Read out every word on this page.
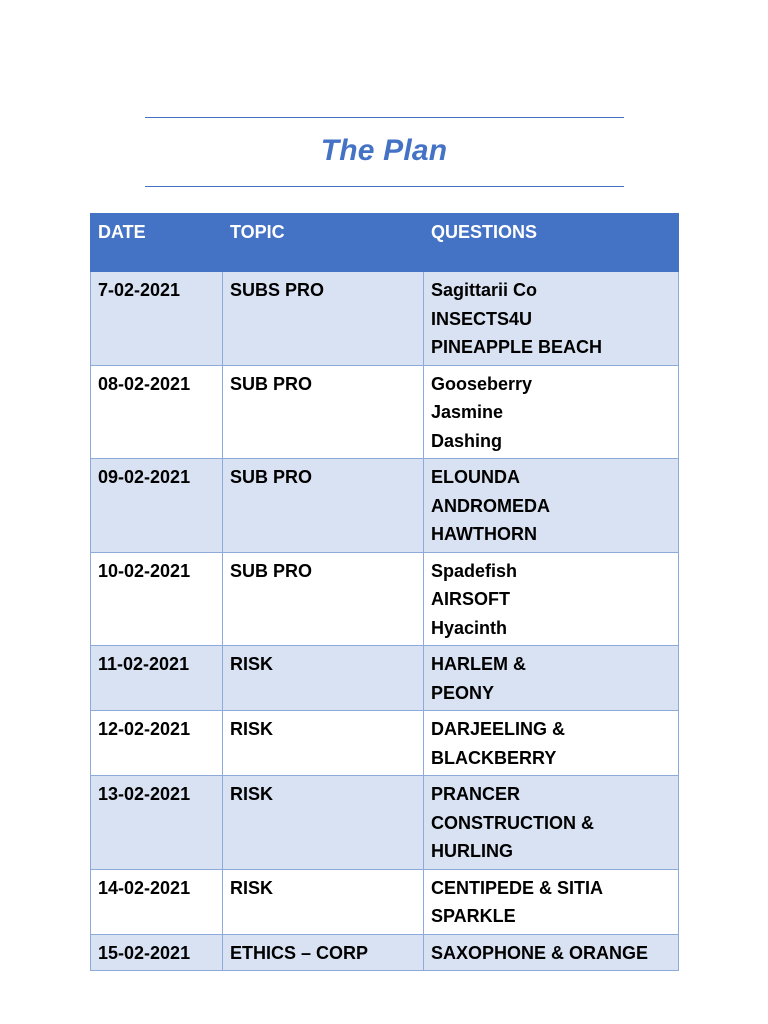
The Plan
DATE	TOPIC	QUESTIONS
7-02-2021	SUBS PRO	Sagittarii Co
INSECTS4U
PINEAPPLE BEACH

08-02-2021	SUB PRO	Gooseberry
Jasmine
Dashing

09-02-2021	SUB PRO	ELOUNDA
ANDROMEDA
HAWTHORN

10-02-2021	SUB PRO	Spadefish
AIRSOFT
Hyacinth

11-02-2021	RISK	HARLEM &
PEONY

12-02-2021	RISK	DARJEELING &
BLACKBERRY

13-02-2021	RISK	PRANCER
CONSTRUCTION &
HURLING

14-02-2021	RISK	CENTIPEDE & SITIA
SPARKLE

15-02-2021	ETHICS – CORP	SAXOPHONE & ORANGE
